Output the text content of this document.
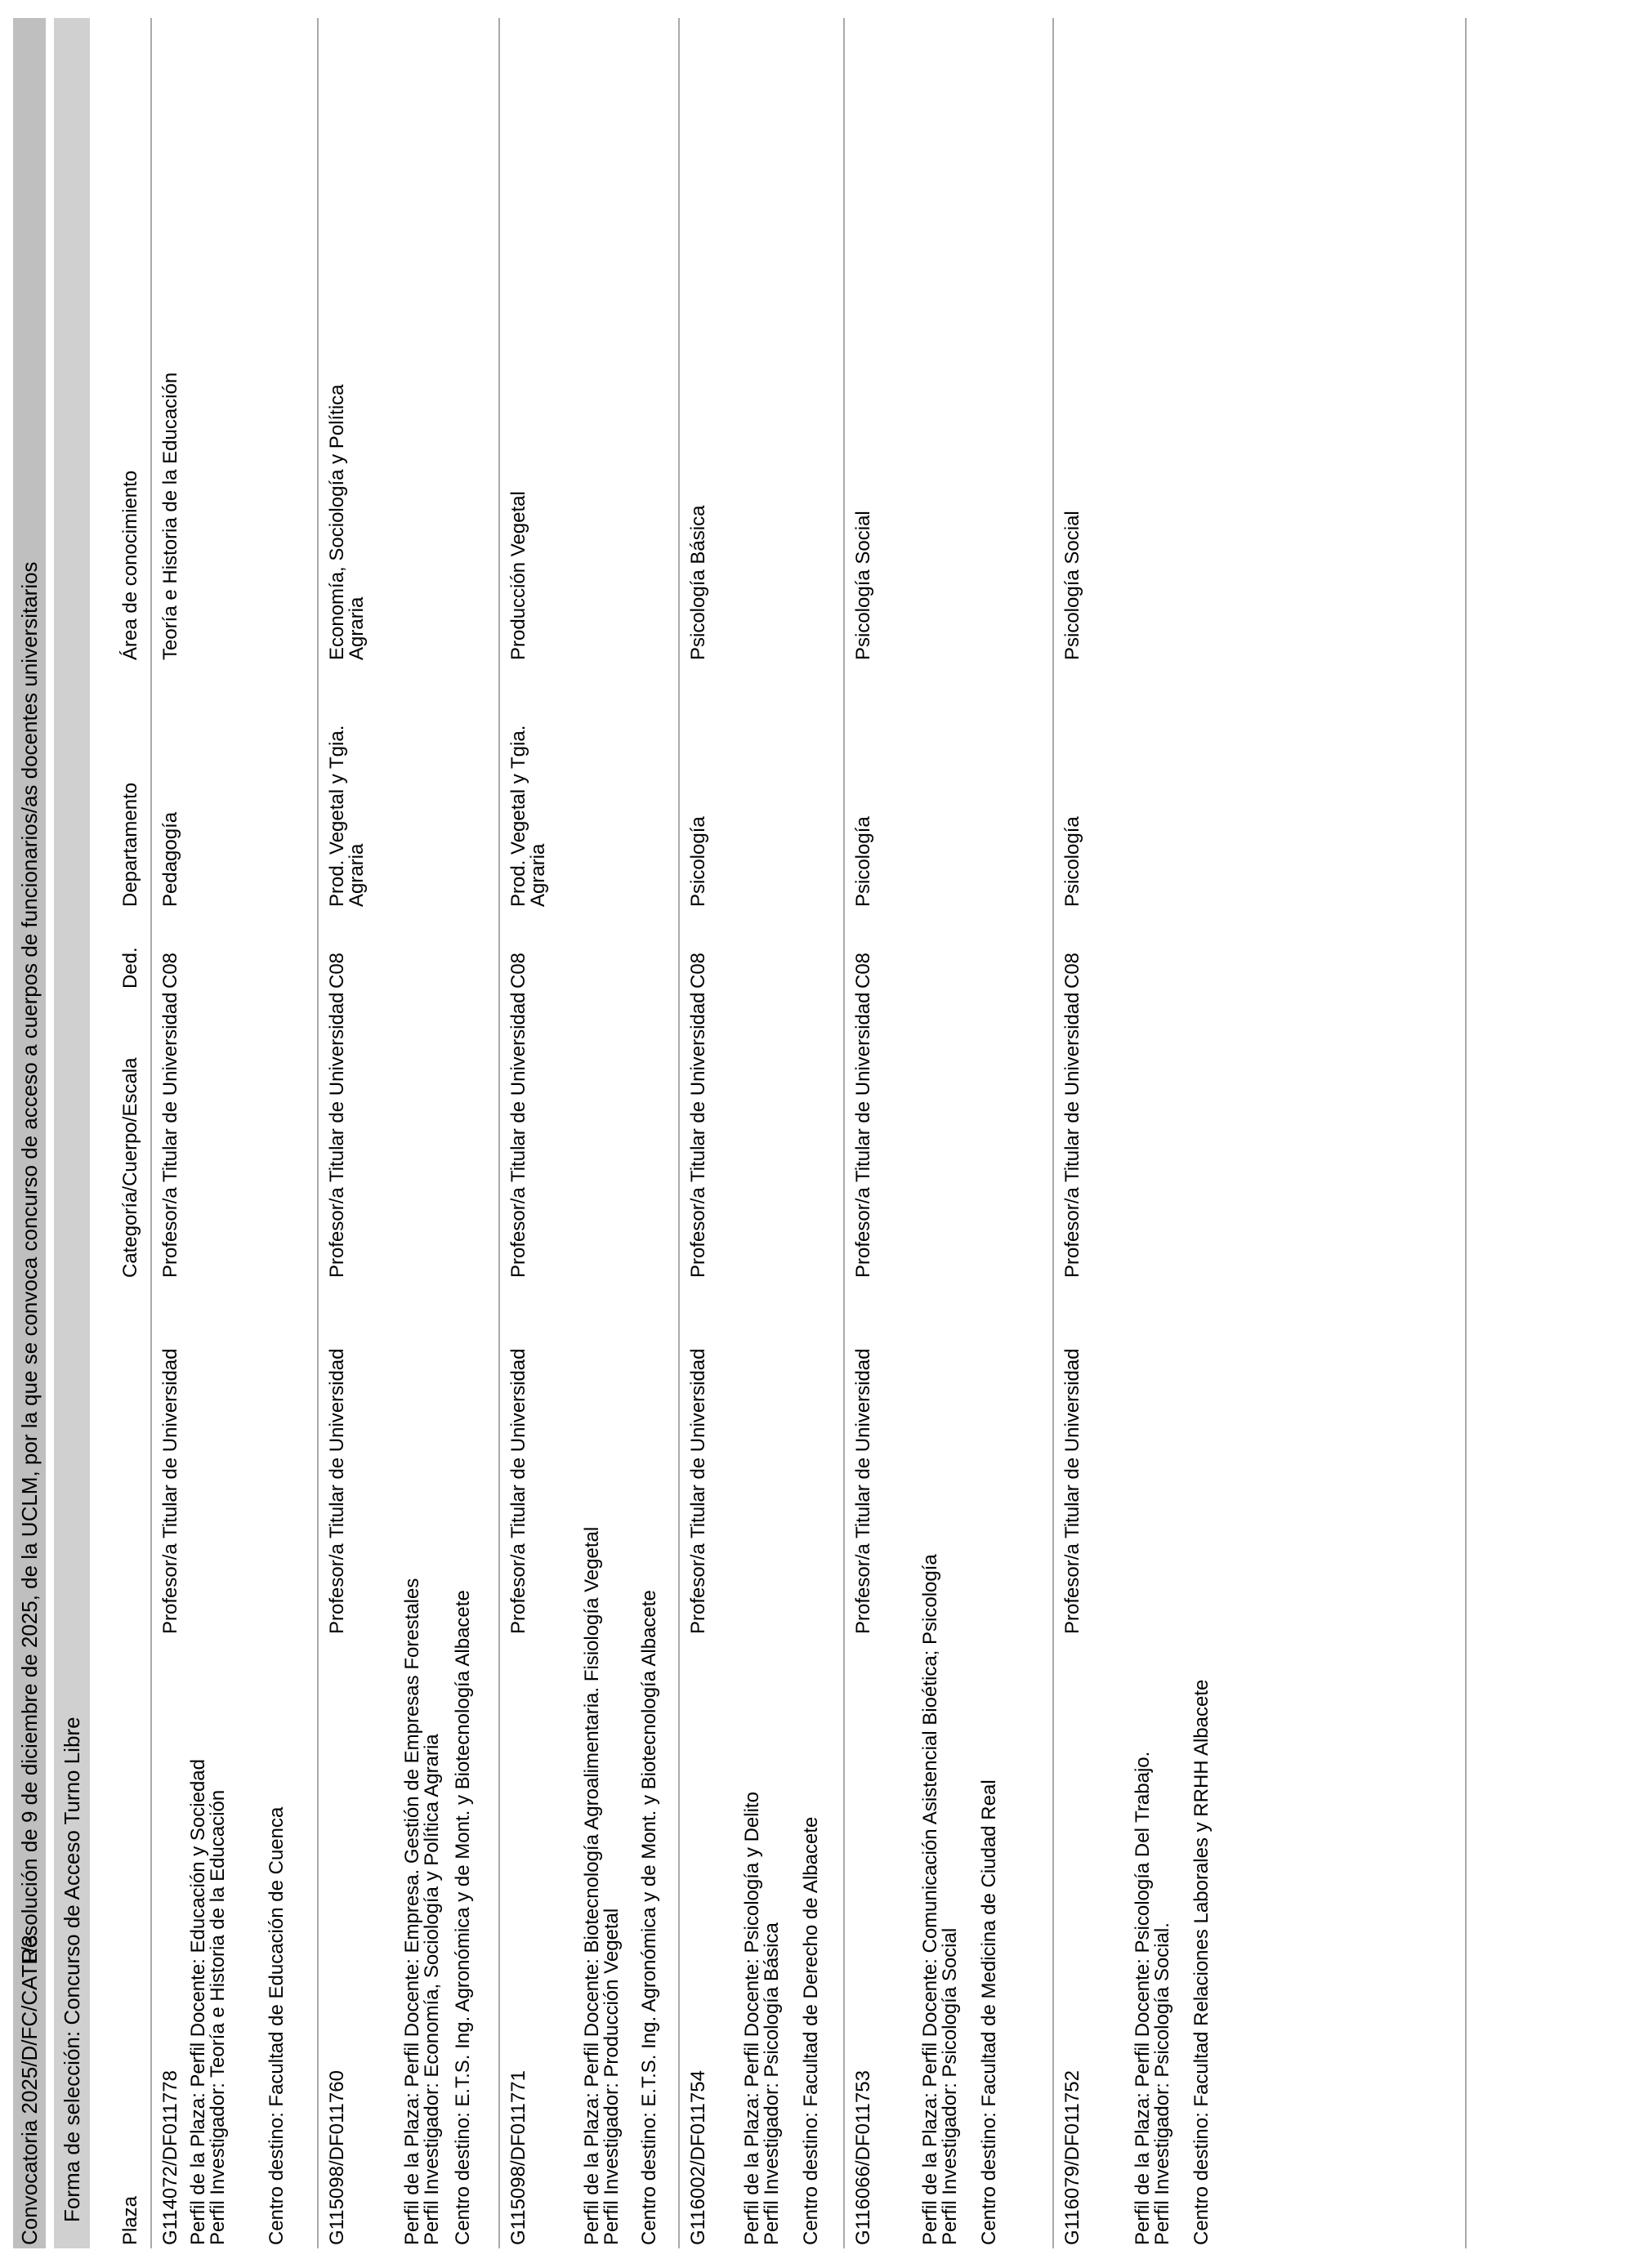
Convocatoria 2025/D/FC/CATL/3
Resolución de 9 de diciembre de 2025, de la UCLM, por la que se convoca concurso de acceso a cuerpos de funcionarios/as docentes universitarios
Forma de selección: Concurso de Acceso Turno Libre Plaza
Categoría/Cuerpo/Escala
Ded.
Departamento
Área de conocimiento
G114072/DF011778
Profesor/a Titular de Universidad
Profesor/a Titular de Universidad
C08
Pedagogía
Teoría e Historia de la Educación
Perfil de la Plaza: Perfil Docente: Educación y Sociedad
Perfil Investigador: Teoría e Historia de la Educación Centro destino: Facultad de Educación de Cuenca G115098/DF011760
Profesor/a Titular de Universidad
Profesor/a Titular de Universidad
C08
Prod. Vegetal y Tgia.
Agraria
Economía, Sociología y Política
Agraria
Perfil de la Plaza: Perfil Docente: Empresa. Gestión de Empresas Forestales
Perfil Investigador: Economía, Sociología y Política Agraria Centro destino: E.T.S. Ing. Agronómica y de Mont. y Biotecnología Albacete G115098/DF011771
Profesor/a Titular de Universidad
Profesor/a Titular de Universidad
C08
Prod. Vegetal y Tgia.
Agraria
Producción Vegetal
Perfil de la Plaza: Perfil Docente: Biotecnología Agroalimentaria. Fisiología Vegetal
Perfil Investigador: Producción Vegetal Centro destino: E.T.S. Ing. Agronómica y de Mont. y Biotecnología Albacete G116002/DF011754
Profesor/a Titular de Universidad
Profesor/a Titular de Universidad
C08
Psicología
Psicología Básica
Perfil de la Plaza: Perfil Docente: Psicología y Delito
Perfil Investigador: Psicología Básica Centro destino: Facultad de Derecho de Albacete G116066/DF011753
Profesor/a Titular de Universidad
Profesor/a Titular de Universidad
C08
Psicología
Psicología Social
Perfil de la Plaza: Perfil Docente: Comunicación Asistencial Bioética; Psicología
Perfil Investigador: Psicología Social Centro destino: Facultad de Medicina de Ciudad Real	G116079/DF011752
Profesor/a Titular de Universidad
Profesor/a Titular de Universidad
C08
Psicología
Psicología Social
Perfil de la Plaza: Perfil Docente: Psicología Del Trabajo.
Perfil Investigador: Psicología Social. Centro destino: Facultad Relaciones Laborales y RRHH Albacete
